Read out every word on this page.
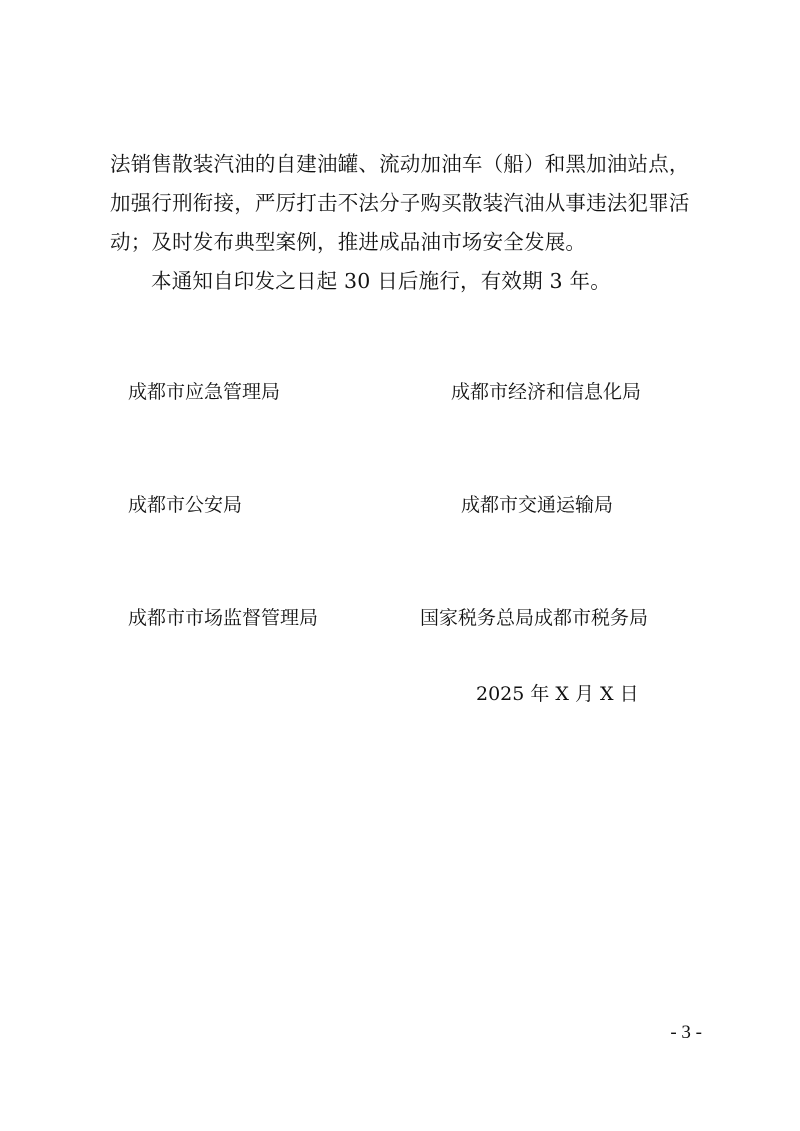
法销售散装汽油的自建油罐、流动加油车（船）和黑加油站点，
加强行刑衔接，严厉打击不法分子购买散装汽油从事违法犯罪活
动；及时发布典型案例，推进成品油市场安全发展。
本通知自印发之日起 30 日后施行，有效期 3 年。
成都市应急管理局	成都市经济和信息化局
成都市公安局	成都市交通运输局
成都市市场监督管理局	国家税务总局成都市税务局
2025 年 X 月 X 日
- 3 -
